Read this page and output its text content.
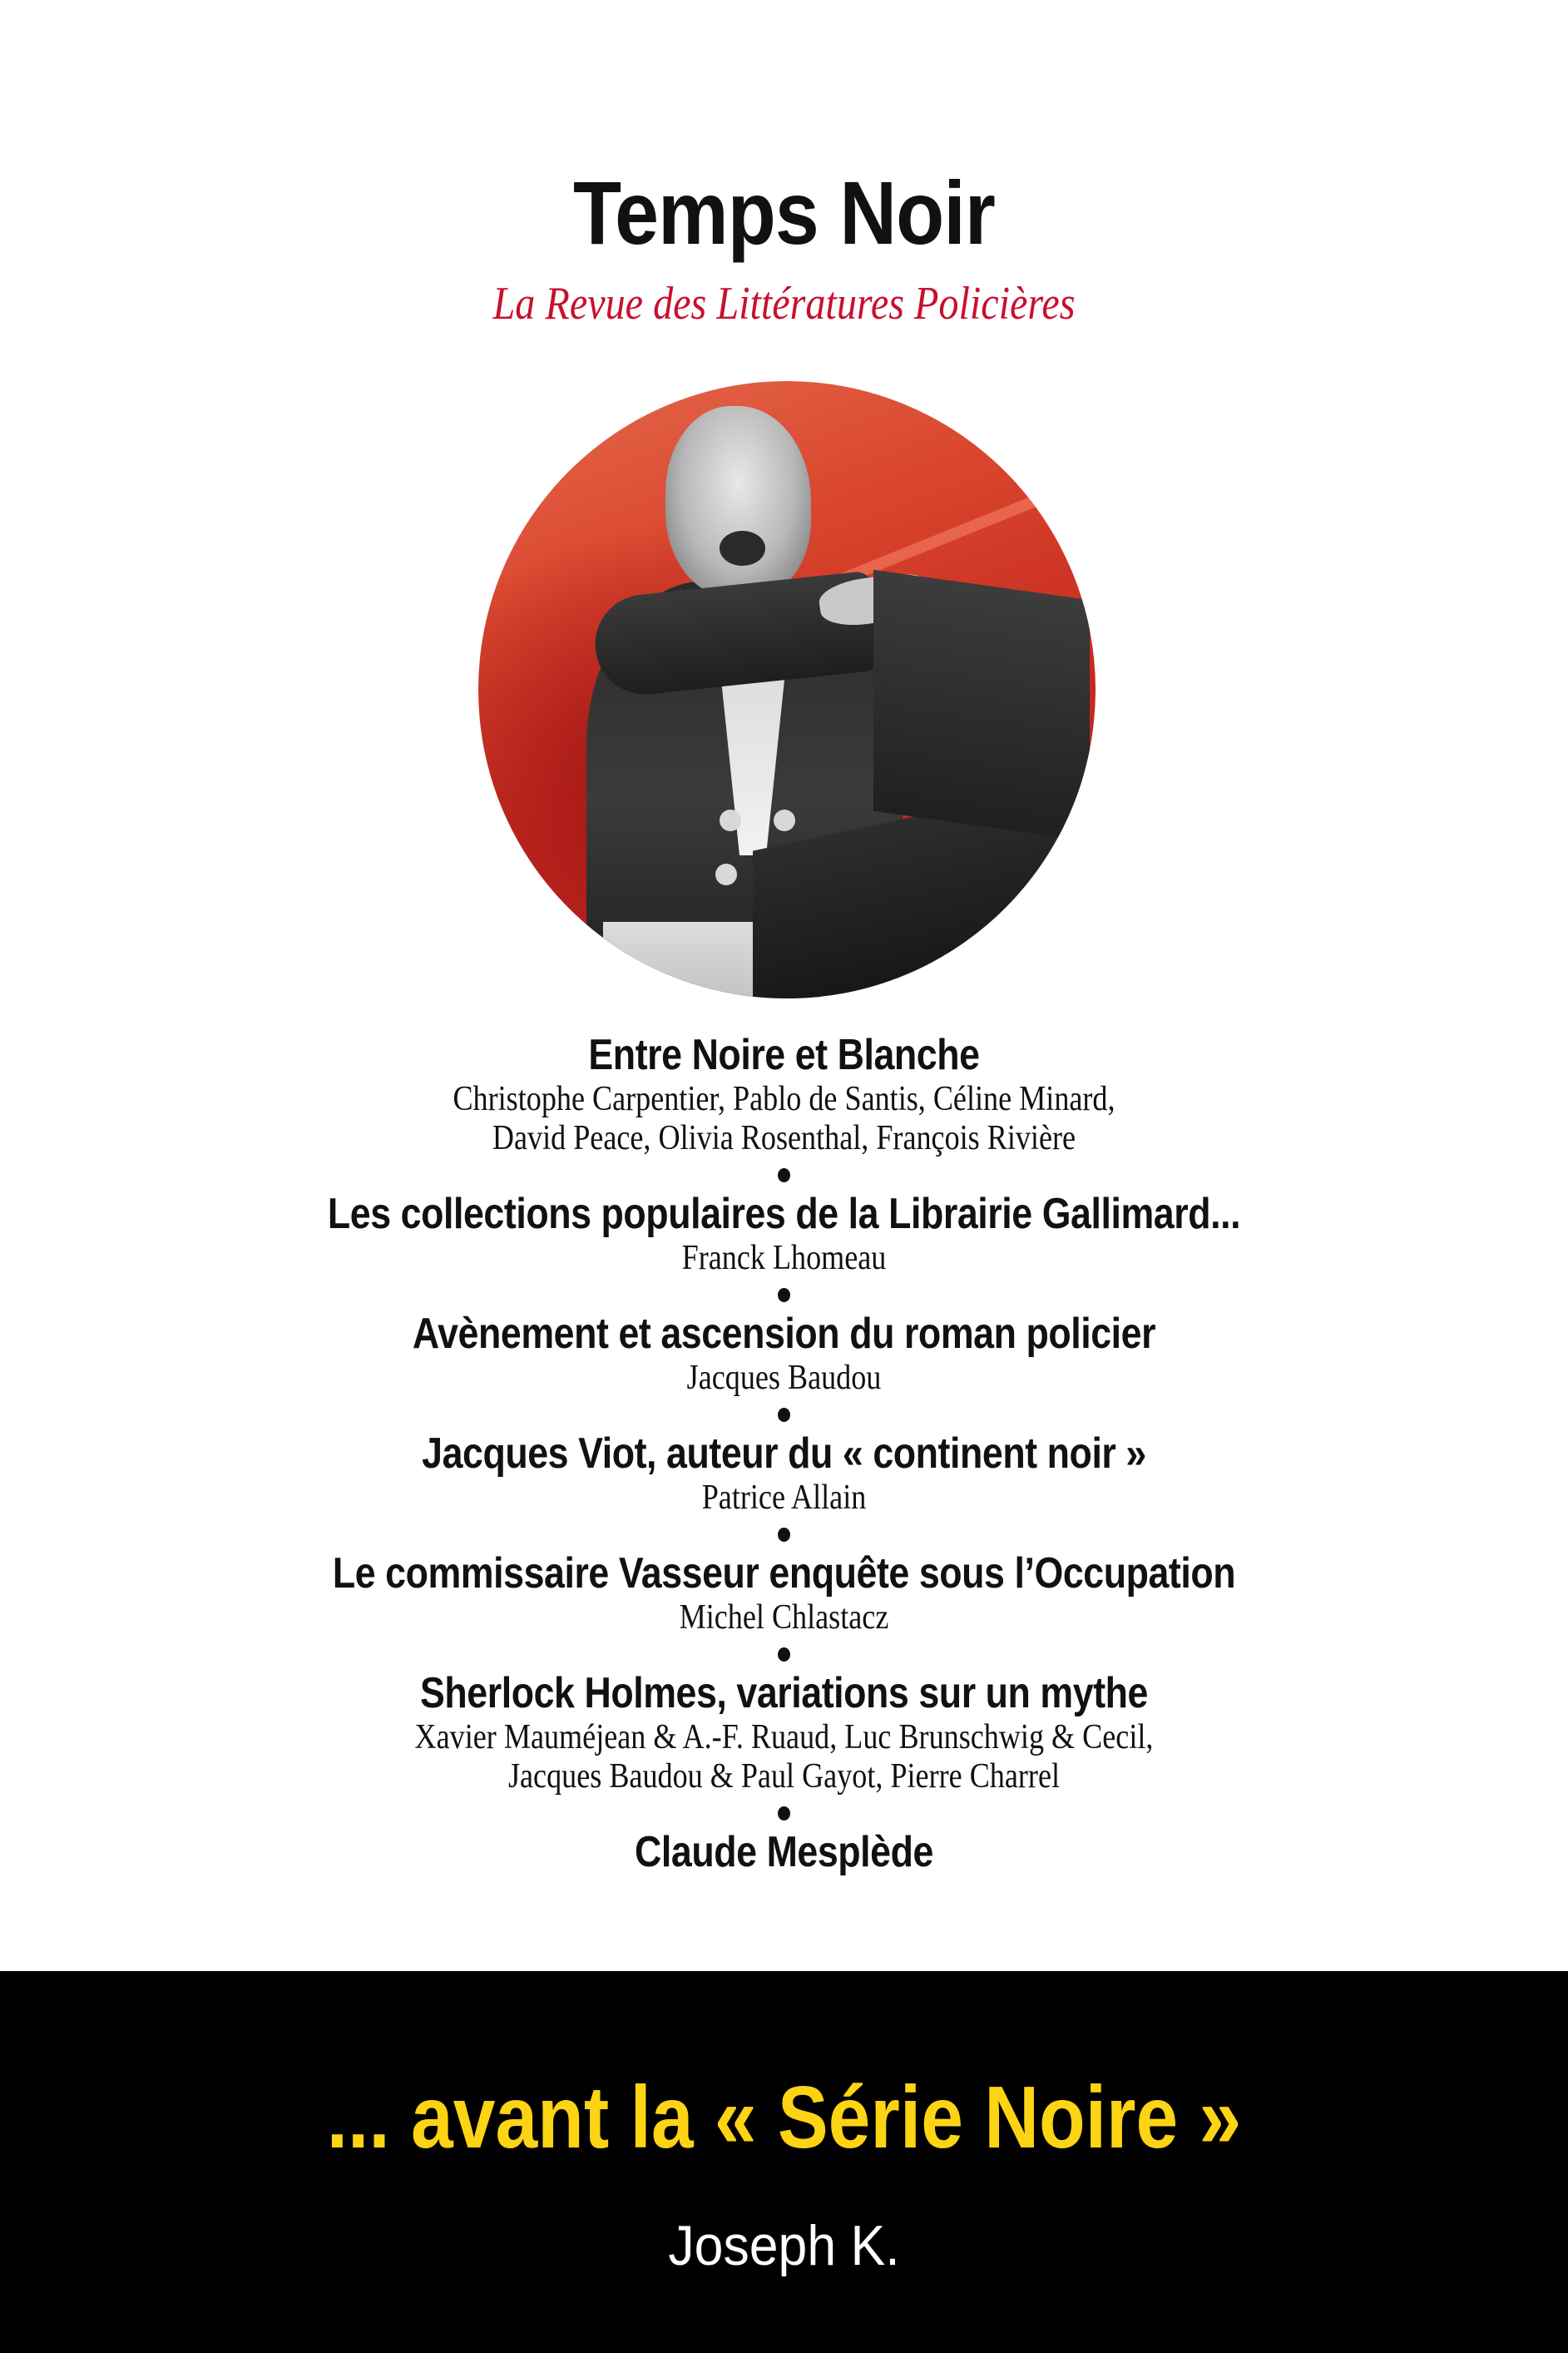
Temps Noir
La Revue des Littératures Policières
Entre Noire et Blanche
Christophe Carpentier, Pablo de Santis, Céline Minard,
David Peace, Olivia Rosenthal, François Rivière
Les collections populaires de la Librairie Gallimard...
Franck Lhomeau
Avènement et ascension du roman policier
Jacques Baudou
Jacques Viot, auteur du « continent noir »
Patrice Allain
Le commissaire Vasseur enquête sous l’Occupation
Michel Chlastacz
Sherlock Holmes, variations sur un mythe
Xavier Mauméjean & A.-F. Ruaud, Luc Brunschwig & Cecil,
Jacques Baudou & Paul Gayot, Pierre Charrel
Claude Mesplède
... avant la « Série Noire »
Joseph K.
